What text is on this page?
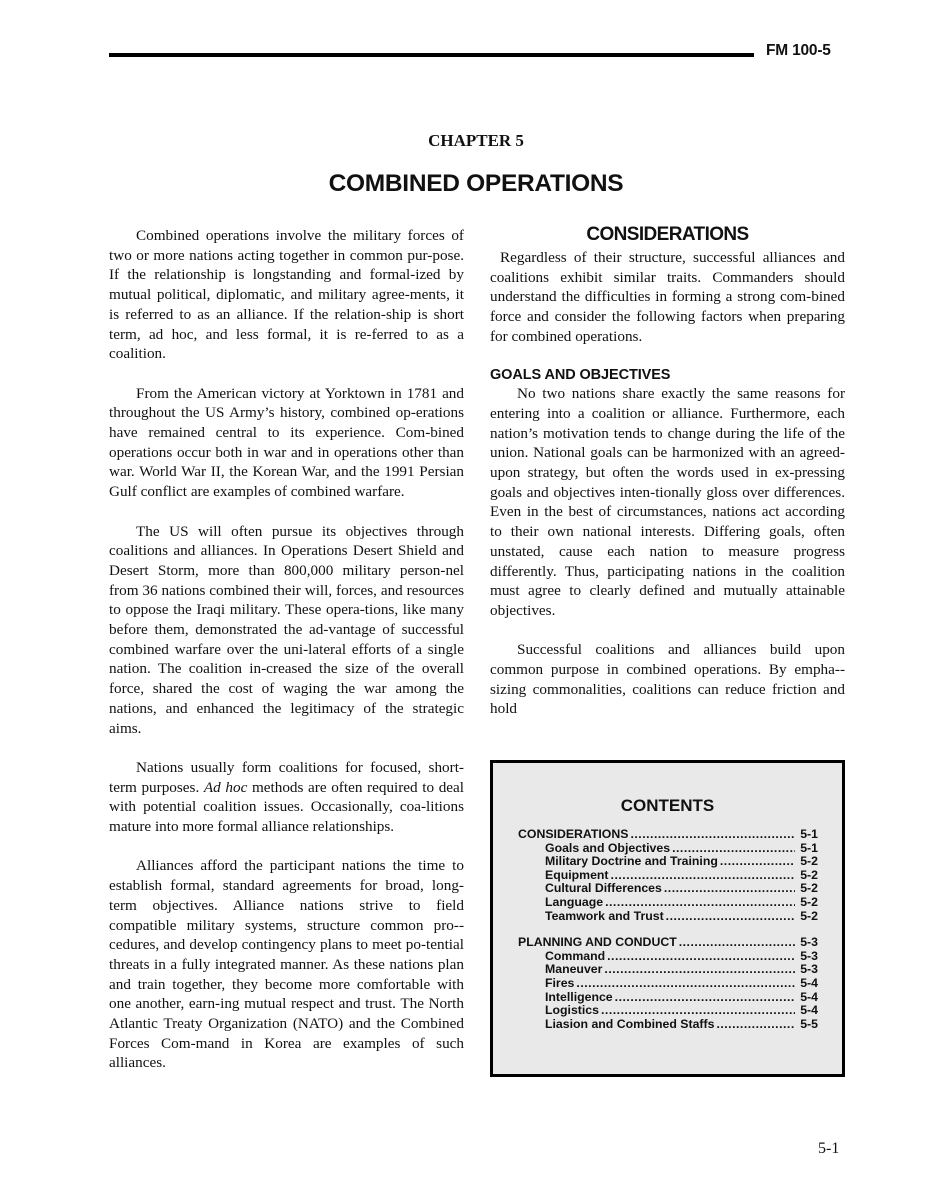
FM 100-5
CHAPTER 5
COMBINED OPERATIONS

Combined operations involve the military forces of two or more nations acting together in common pur-pose. If the relationship is longstanding and formal-ized by mutual political, diplomatic, and military agree-ments, it is referred to as an alliance. If the relation-ship is short term, ad hoc, and less formal, it is re-ferred to as a coalition.

From the American victory at Yorktown in 1781 and throughout the US Army’s history, combined op-erations have remained central to its experience. Com-bined operations occur both in war and in operations other than war. World War II, the Korean War, and the 1991 Persian Gulf conflict are examples of combined warfare.

The US will often pursue its objectives through coalitions and alliances. In Operations Desert Shield and Desert Storm, more than 800,000 military person-nel from 36 nations combined their will, forces, and resources to oppose the Iraqi military. These opera-tions, like many before them, demonstrated the ad-vantage of successful combined warfare over the uni-lateral efforts of a single nation. The coalition in-creased the size of the overall force, shared the cost of waging the war among the nations, and enhanced the legitimacy of the strategic aims.

Nations usually form coalitions for focused, short-term purposes. Ad hoc methods are often required to deal with potential coalition issues. Occasionally, coa-litions mature into more formal alliance relationships.

Alliances afford the participant nations the time to establish formal, standard agreements for broad, long-term objectives. Alliance nations strive to field compatible military systems, structure common pro-cedures, and develop contingency plans to meet po-tential threats in a fully integrated manner. As these nations plan and train together, they become more comfortable with one another, earn-ing mutual respect and trust. The North Atlantic Treaty Organization (NATO) and the Combined Forces Com-mand in Korea are examples of such alliances.

CONSIDERATIONS

Regardless of their structure, successful alliances and coalitions exhibit similar traits. Commanders should understand the difficulties in forming a strong com-bined force and consider the following factors when preparing for combined operations.

GOALS AND OBJECTIVES

No two nations share exactly the same reasons for entering into a coalition or alliance. Furthermore, each nation’s motivation tends to change during the life of the union. National goals can be harmonized with an agreed-upon strategy, but often the words used in ex-pressing goals and objectives inten-tionally gloss over differences. Even in the best of circumstances, nations act according to their own national interests. Differing goals, often unstated, cause each nation to measure progress differently. Thus, participating nations in the coalition must agree to clearly defined and mutually attainable objectives.

Successful coalitions and alliances build upon common purpose in combined operations. By empha-sizing commonalities, coalitions can reduce friction and hold

CONTENTS
CONSIDERATIONS .....	5-1
Goals and Objectives .....	5-1
Military Doctrine and Training .....	5-2
Equipment .....	5-2
Cultural Differences .....	5-2
Language .....	5-2
Teamwork and Trust .....	5-2
PLANNING AND CONDUCT .....	5-3
Command .....	5-3
Maneuver .....	5-3
Fires .....	5-4
Intelligence .....	5-4
Logistics .....	5-4
Liasion and Combined Staffs .....	5-5
5-1
